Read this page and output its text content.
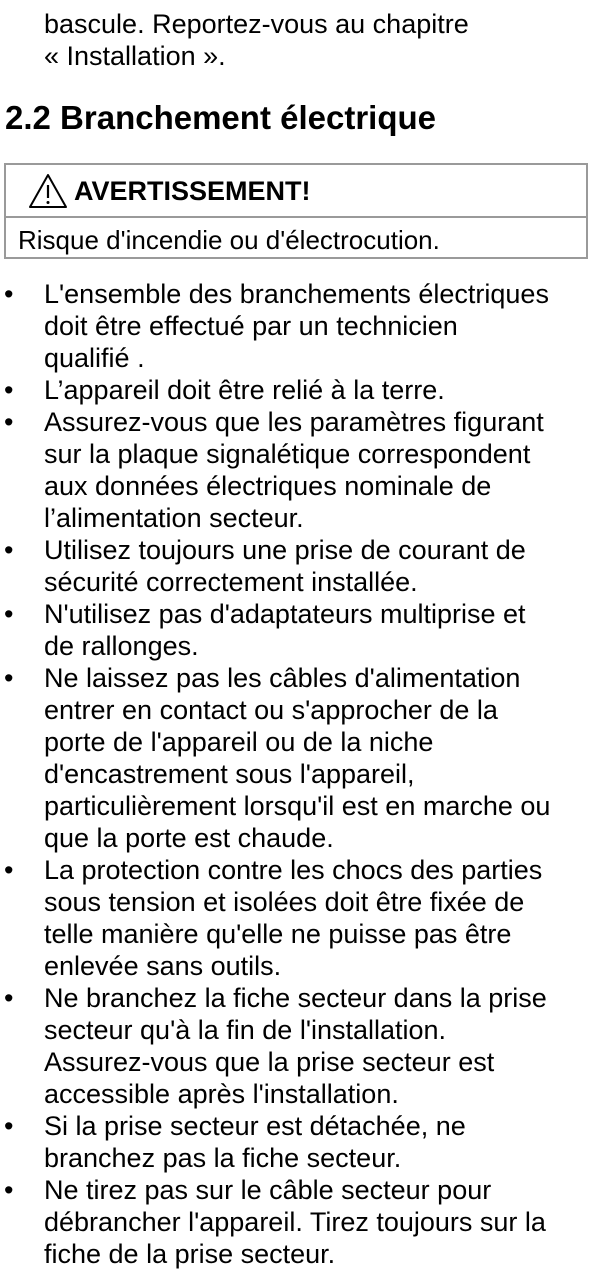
bascule. Reportez-vous au chapitre
« Installation ».
2.2 Branchement électrique
AVERTISSEMENT!
Risque d'incendie ou d'électrocution.
•	L'ensemble des branchements électriques
doit être effectué par un technicien
qualifié .
•	L’appareil doit être relié à la terre.
•	Assurez-vous que les paramètres figurant
sur la plaque signalétique correspondent
aux données électriques nominale de
l’alimentation secteur.
•	Utilisez toujours une prise de courant de
sécurité correctement installée.
•	N'utilisez pas d'adaptateurs multiprise et
de rallonges.
•	Ne laissez pas les câbles d'alimentation
entrer en contact ou s'approcher de la
porte de l'appareil ou de la niche
d'encastrement sous l'appareil,
particulièrement lorsqu'il est en marche ou
que la porte est chaude.
•	La protection contre les chocs des parties
sous tension et isolées doit être fixée de
telle manière qu'elle ne puisse pas être
enlevée sans outils.
•	Ne branchez la fiche secteur dans la prise
secteur qu'à la fin de l'installation.
Assurez-vous que la prise secteur est
accessible après l'installation.
•	Si la prise secteur est détachée, ne
branchez pas la fiche secteur.
•	Ne tirez pas sur le câble secteur pour
débrancher l'appareil. Tirez toujours sur la
fiche de la prise secteur.
